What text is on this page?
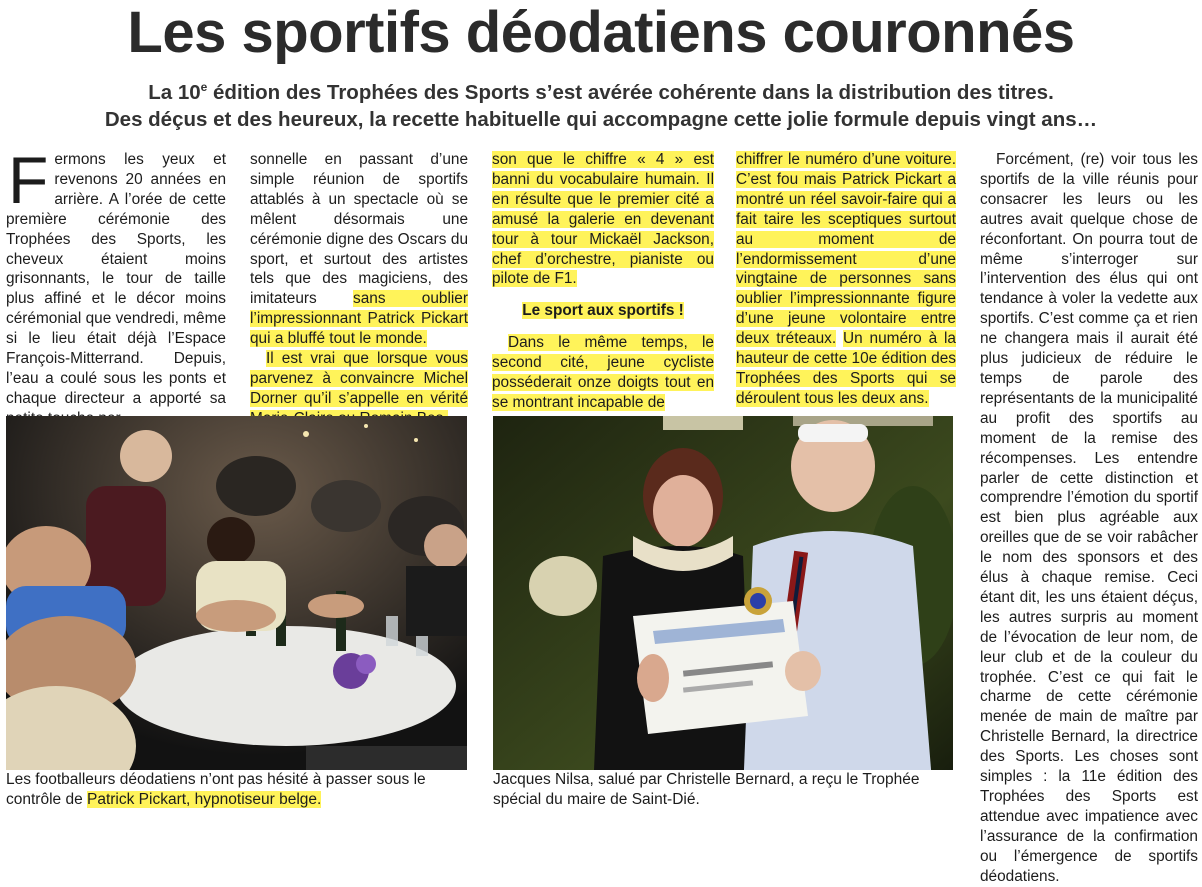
Les sportifs déodatiens couronnés
La 10e édition des Trophées des Sports s’est avérée cohérente dans la distribution des titres.
Des déçus et des heureux, la recette habituelle qui accompagne cette jolie formule depuis vingt ans…

Fermons les yeux et revenons 20 années en arrière. A l’orée de cette première cérémonie des Trophées des Sports, les cheveux étaient moins grisonnants, le tour de taille plus affiné et le décor moins cérémonial que vendredi, même si le lieu était déjà l’Espace François-Mitterrand. Depuis, l’eau a coulé sous les ponts et chaque directeur a apporté sa

sonnelle en passant d’une simple réunion de sportifs attablés à un spectacle où se mêlent désormais une cérémonie digne des Oscars du sport, et surtout des artistes tels que des magiciens, des imitateurs sans oublier l’impressionnant Patrick Pickart qui a bluffé tout le monde.

Il est vrai que lorsque vous parvenez à convaincre Michel Dorner qu’il s’appelle en vérité

son que le chiffre « 4 » est banni du vocabulaire humain. Il en résulte que le premier cité a amusé la galerie en devenant tour à tour Mickaël Jackson, chef d’orchestre, pianiste ou pilote de F1.

Le sport aux sportifs !

Dans le même temps, le second cité, jeune cycliste posséderait onze doigts tout en se montrant incapable de

chiffrer le numéro d’une voiture. C’est fou mais Patrick Pickart a montré un réel savoir-faire qui a fait taire les sceptiques surtout au moment de l’endormissement d’une vingtaine de personnes sans oublier l’impressionnante figure d’une jeune volontaire entre deux tréteaux. Un numéro à la hauteur de cette 10e édition des Trophées des Sports qui se déroulent tous les deux ans.

Forcément, (re) voir tous les sportifs de la ville réunis pour consacrer les leurs ou les autres avait quelque chose de réconfortant. On pourra tout de même s’interroger sur l’intervention des élus qui ont tendance à voler la vedette aux sportifs. C’est comme ça et rien ne changera mais il aurait été plus judicieux de réduire le temps de parole des représentants de la municipalité au profit des sportifs au moment de la remise des récompenses. Les entendre parler de cette distinction et comprendre l’émotion du sportif est bien plus agréable aux oreilles que de se voir rabâcher le nom des sponsors et des élus à chaque remise. Ceci étant dit, les uns étaient déçus, les autres surpris au moment de l’évocation de leur nom, de leur club et de la couleur du trophée. C’est ce qui fait le charme de cette cérémonie menée de main de maître par Christelle Bernard, la directrice des Sports. Les choses sont simples : la 11e édition des Trophées des Sports est attendue avec impatience avec l’assurance de la confirmation ou l’émergence de sportifs déodatiens.

Les footballeurs déodatiens n’ont pas hésité à passer sous le contrôle de Patrick Pickart, hypnotiseur belge.
Jacques Nilsa, salué par Christelle Bernard, a reçu le Trophée spécial du maire de Saint-Dié.
